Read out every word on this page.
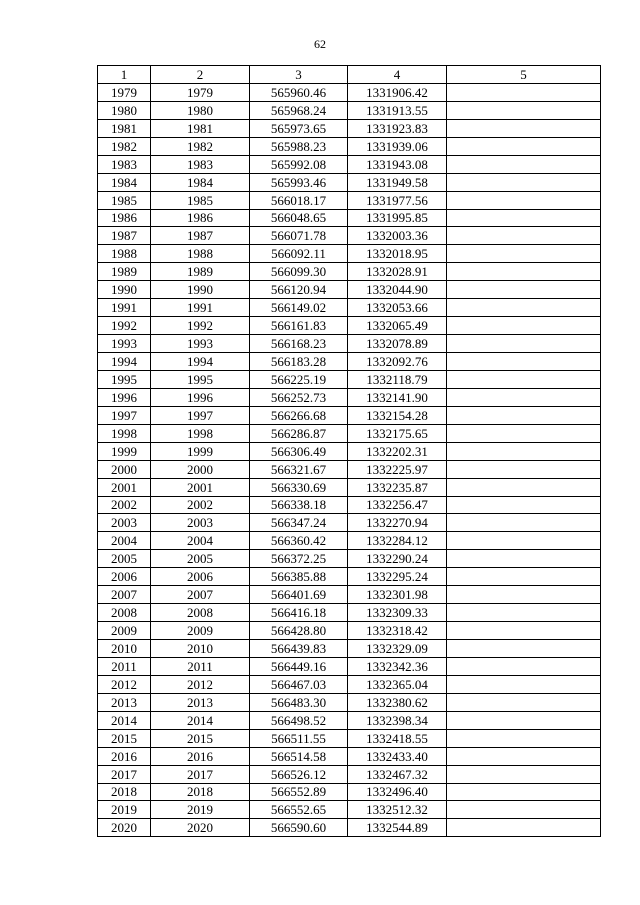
62
1	2	3	4	5
1979	1979	565960.46	1331906.42	
1980	1980	565968.24	1331913.55	
1981	1981	565973.65	1331923.83	
1982	1982	565988.23	1331939.06	
1983	1983	565992.08	1331943.08	
1984	1984	565993.46	1331949.58	
1985	1985	566018.17	1331977.56	
1986	1986	566048.65	1331995.85	
1987	1987	566071.78	1332003.36	
1988	1988	566092.11	1332018.95	
1989	1989	566099.30	1332028.91	
1990	1990	566120.94	1332044.90	
1991	1991	566149.02	1332053.66	
1992	1992	566161.83	1332065.49	
1993	1993	566168.23	1332078.89	
1994	1994	566183.28	1332092.76	
1995	1995	566225.19	1332118.79	
1996	1996	566252.73	1332141.90	
1997	1997	566266.68	1332154.28	
1998	1998	566286.87	1332175.65	
1999	1999	566306.49	1332202.31	
2000	2000	566321.67	1332225.97	
2001	2001	566330.69	1332235.87	
2002	2002	566338.18	1332256.47	
2003	2003	566347.24	1332270.94	
2004	2004	566360.42	1332284.12	
2005	2005	566372.25	1332290.24	
2006	2006	566385.88	1332295.24	
2007	2007	566401.69	1332301.98	
2008	2008	566416.18	1332309.33	
2009	2009	566428.80	1332318.42	
2010	2010	566439.83	1332329.09	
2011	2011	566449.16	1332342.36	
2012	2012	566467.03	1332365.04	
2013	2013	566483.30	1332380.62	
2014	2014	566498.52	1332398.34	
2015	2015	566511.55	1332418.55	
2016	2016	566514.58	1332433.40	
2017	2017	566526.12	1332467.32	
2018	2018	566552.89	1332496.40	
2019	2019	566552.65	1332512.32	
2020	2020	566590.60	1332544.89	
